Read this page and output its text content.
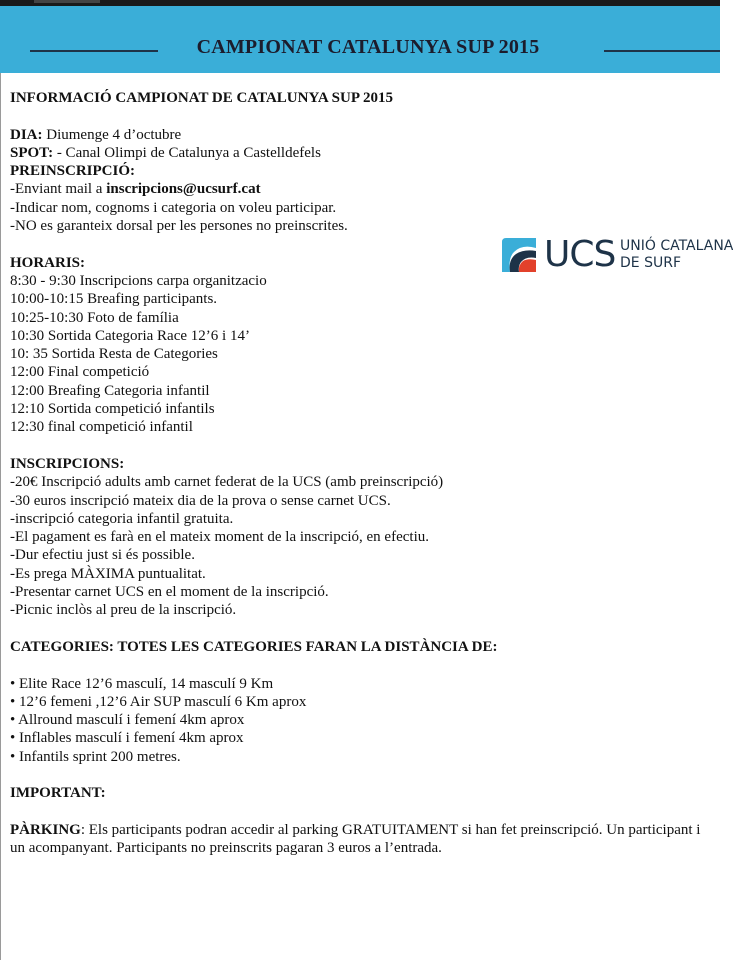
CAMPIONAT CATALUNYA SUP 2015
UCS UNIÓ CATALANA
DE SURF

INFORMACIÓ CAMPIONAT DE CATALUNYA SUP 2015

DIA: Diumenge 4 d’octubre

SPOT: - Canal Olimpi de Catalunya a Castelldefels

PREINSCRIPCIÓ:

-Enviant mail a inscripcions@ucsurf.cat

-Indicar nom, cognoms i categoria on voleu participar.

-NO es garanteix dorsal per les persones no preinscrites.

HORARIS:

8:30 - 9:30 Inscripcions carpa organitzacio

10:00-10:15 Breafing participants.

10:25-10:30 Foto de família

10:30 Sortida Categoria Race 12’6 i 14’

10: 35 Sortida Resta de Categories

12:00 Final competició

12:00 Breafing Categoria infantil

12:10 Sortida competició infantils

12:30 final competició infantil

INSCRIPCIONS:

-20€ Inscripció adults amb carnet federat de la UCS (amb preinscripció)

-30 euros inscripció mateix dia de la prova o sense carnet UCS.

-inscripció categoria infantil gratuita.

-El pagament es farà en el mateix moment de la inscripció, en efectiu.

-Dur efectiu just si és possible.

-Es prega MÀXIMA puntualitat.

-Presentar carnet UCS en el moment de la inscripció.

-Picnic inclòs al preu de la inscripció.

CATEGORIES: TOTES LES CATEGORIES FARAN LA DISTÀNCIA DE:

• Elite Race 12’6 masculí, 14 masculí 9 Km

• 12’6 femeni ,12’6 Air SUP masculí 6 Km aprox

• Allround masculí i femení 4km aprox

• Inflables masculí i femení 4km aprox

• Infantils sprint 200 metres.

IMPORTANT:

PÀRKING: Els participants podran accedir al parking GRATUITAMENT si han fet preinscripció. Un participant i un acompanyant. Participants no preinscrits pagaran 3 euros a l’entrada.
